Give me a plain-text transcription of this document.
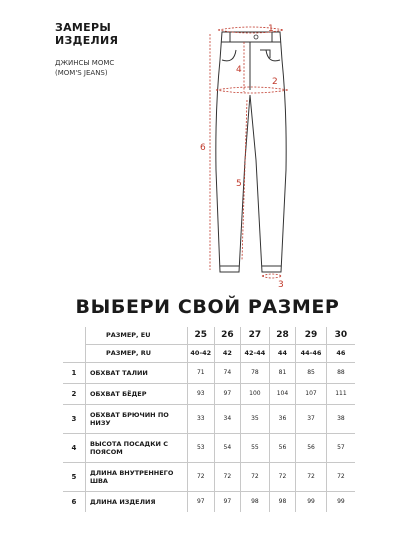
ЗАМЕРЫ
ИЗДЕЛИЯ
ДЖИНСЫ МОМС
(MOM'S JEANS)
1
2
3
4
5
6
ВЫБЕРИ СВОЙ РАЗМЕР
	РАЗМЕР, EU	25	26	27	28	29	30
	РАЗМЕР, RU	40-42	42	42-44	44	44-46	46
1	ОБХВАТ ТАЛИИ	71	74	78	81	85	88
2	ОБХВАТ БЁДЕР	93	97	100	104	107	111
3	ОБХВАТ БРЮЧИН ПО НИЗУ	33	34	35	36	37	38
4	ВЫСОТА ПОСАДКИ С ПОЯСОМ	53	54	55	56	56	57
5	ДЛИНА ВНУТРЕННЕГО ШВА	72	72	72	72	72	72
6	ДЛИНА ИЗДЕЛИЯ	97	97	98	98	99	99
